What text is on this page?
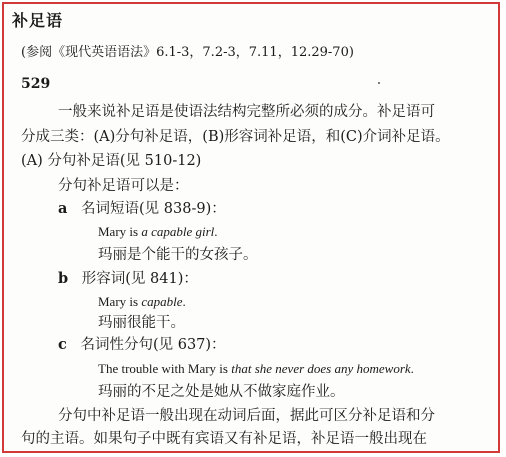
补足语
(参阅《现代英语语法》6.1-3，7.2-3，7.11，12.29-70)
529
一般来说补足语是使语法结构完整所必须的成分。补足语可
分成三类：(A)分句补足语，(B)形容词补足语，和(C)介词补足语。
(A) 分句补足语(见 510-12)
分句补足语可以是：
a 名词短语(见 838-9)：
Mary is a capable girl.
玛丽是个能干的女孩子。
b 形容词(见 841)：
Mary is capable.
玛丽很能干。
c 名词性分句(见 637)：
The trouble with Mary is that she never does any homework.
玛丽的不足之处是她从不做家庭作业。
分句中补足语一般出现在动词后面，据此可区分补足语和分
句的主语。如果句子中既有宾语又有补足语，补足语一般出现在
